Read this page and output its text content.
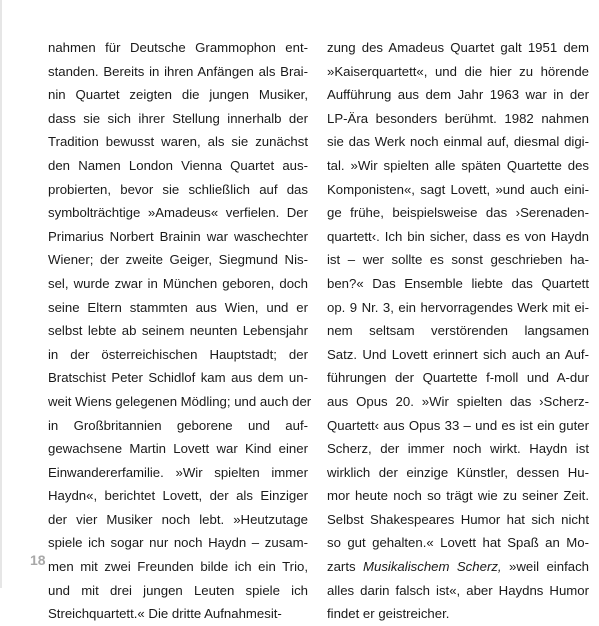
nahmen für Deutsche Grammophon ent-
standen. Bereits in ihren Anfängen als Brai-
nin Quartet zeigten die jungen Musiker,
dass sie sich ihrer Stellung innerhalb der
Tradition bewusst waren, als sie zunächst
den Namen London Vienna Quartet aus-
probierten, bevor sie schließlich auf das
symbolträchtige »Amadeus« verfielen. Der
Primarius Norbert Brainin war waschechter
Wiener; der zweite Geiger, Siegmund Nis-
sel, wurde zwar in München geboren, doch
seine Eltern stammten aus Wien, und er
selbst lebte ab seinem neunten Lebensjahr
in der österreichischen Hauptstadt; der
Bratschist Peter Schidlof kam aus dem un-
weit Wiens gelegenen Mödling; und auch der
in Großbritannien geborene und auf-
gewachsene Martin Lovett war Kind einer
Einwandererfamilie. »Wir spielten immer
Haydn«, berichtet Lovett, der als Einziger
der vier Musiker noch lebt. »Heutzutage
spiele ich sogar nur noch Haydn – zusam-
men mit zwei Freunden bilde ich ein Trio,
und mit drei jungen Leuten spiele ich
Streichquartett.« Die dritte Aufnahmesit-
zung des Amadeus Quartet galt 1951 dem
»Kaiserquartett«, und die hier zu hörende
Aufführung aus dem Jahr 1963 war in der
LP-Ära besonders berühmt. 1982 nahmen
sie das Werk noch einmal auf, diesmal digi-
tal. »Wir spielten alle späten Quartette des
Komponisten«, sagt Lovett, »und auch eini-
ge frühe, beispielsweise das ›Serenaden-
quartett‹. Ich bin sicher, dass es von Haydn
ist – wer sollte es sonst geschrieben ha-
ben?« Das Ensemble liebte das Quartett
op. 9 Nr. 3, ein hervorragendes Werk mit ei-
nem seltsam verstörenden langsamen
Satz. Und Lovett erinnert sich auch an Auf-
führungen der Quartette f-moll und A-dur
aus Opus 20. »Wir spielten das ›Scherz-
Quartett‹ aus Opus 33 – und es ist ein guter
Scherz, der immer noch wirkt. Haydn ist
wirklich der einzige Künstler, dessen Hu-
mor heute noch so trägt wie zu seiner Zeit.
Selbst Shakespeares Humor hat sich nicht
so gut gehalten.« Lovett hat Spaß an Mo-
zarts Musikalischem Scherz, »weil einfach
alles darin falsch ist«, aber Haydns Humor
findet er geistreicher.
18
